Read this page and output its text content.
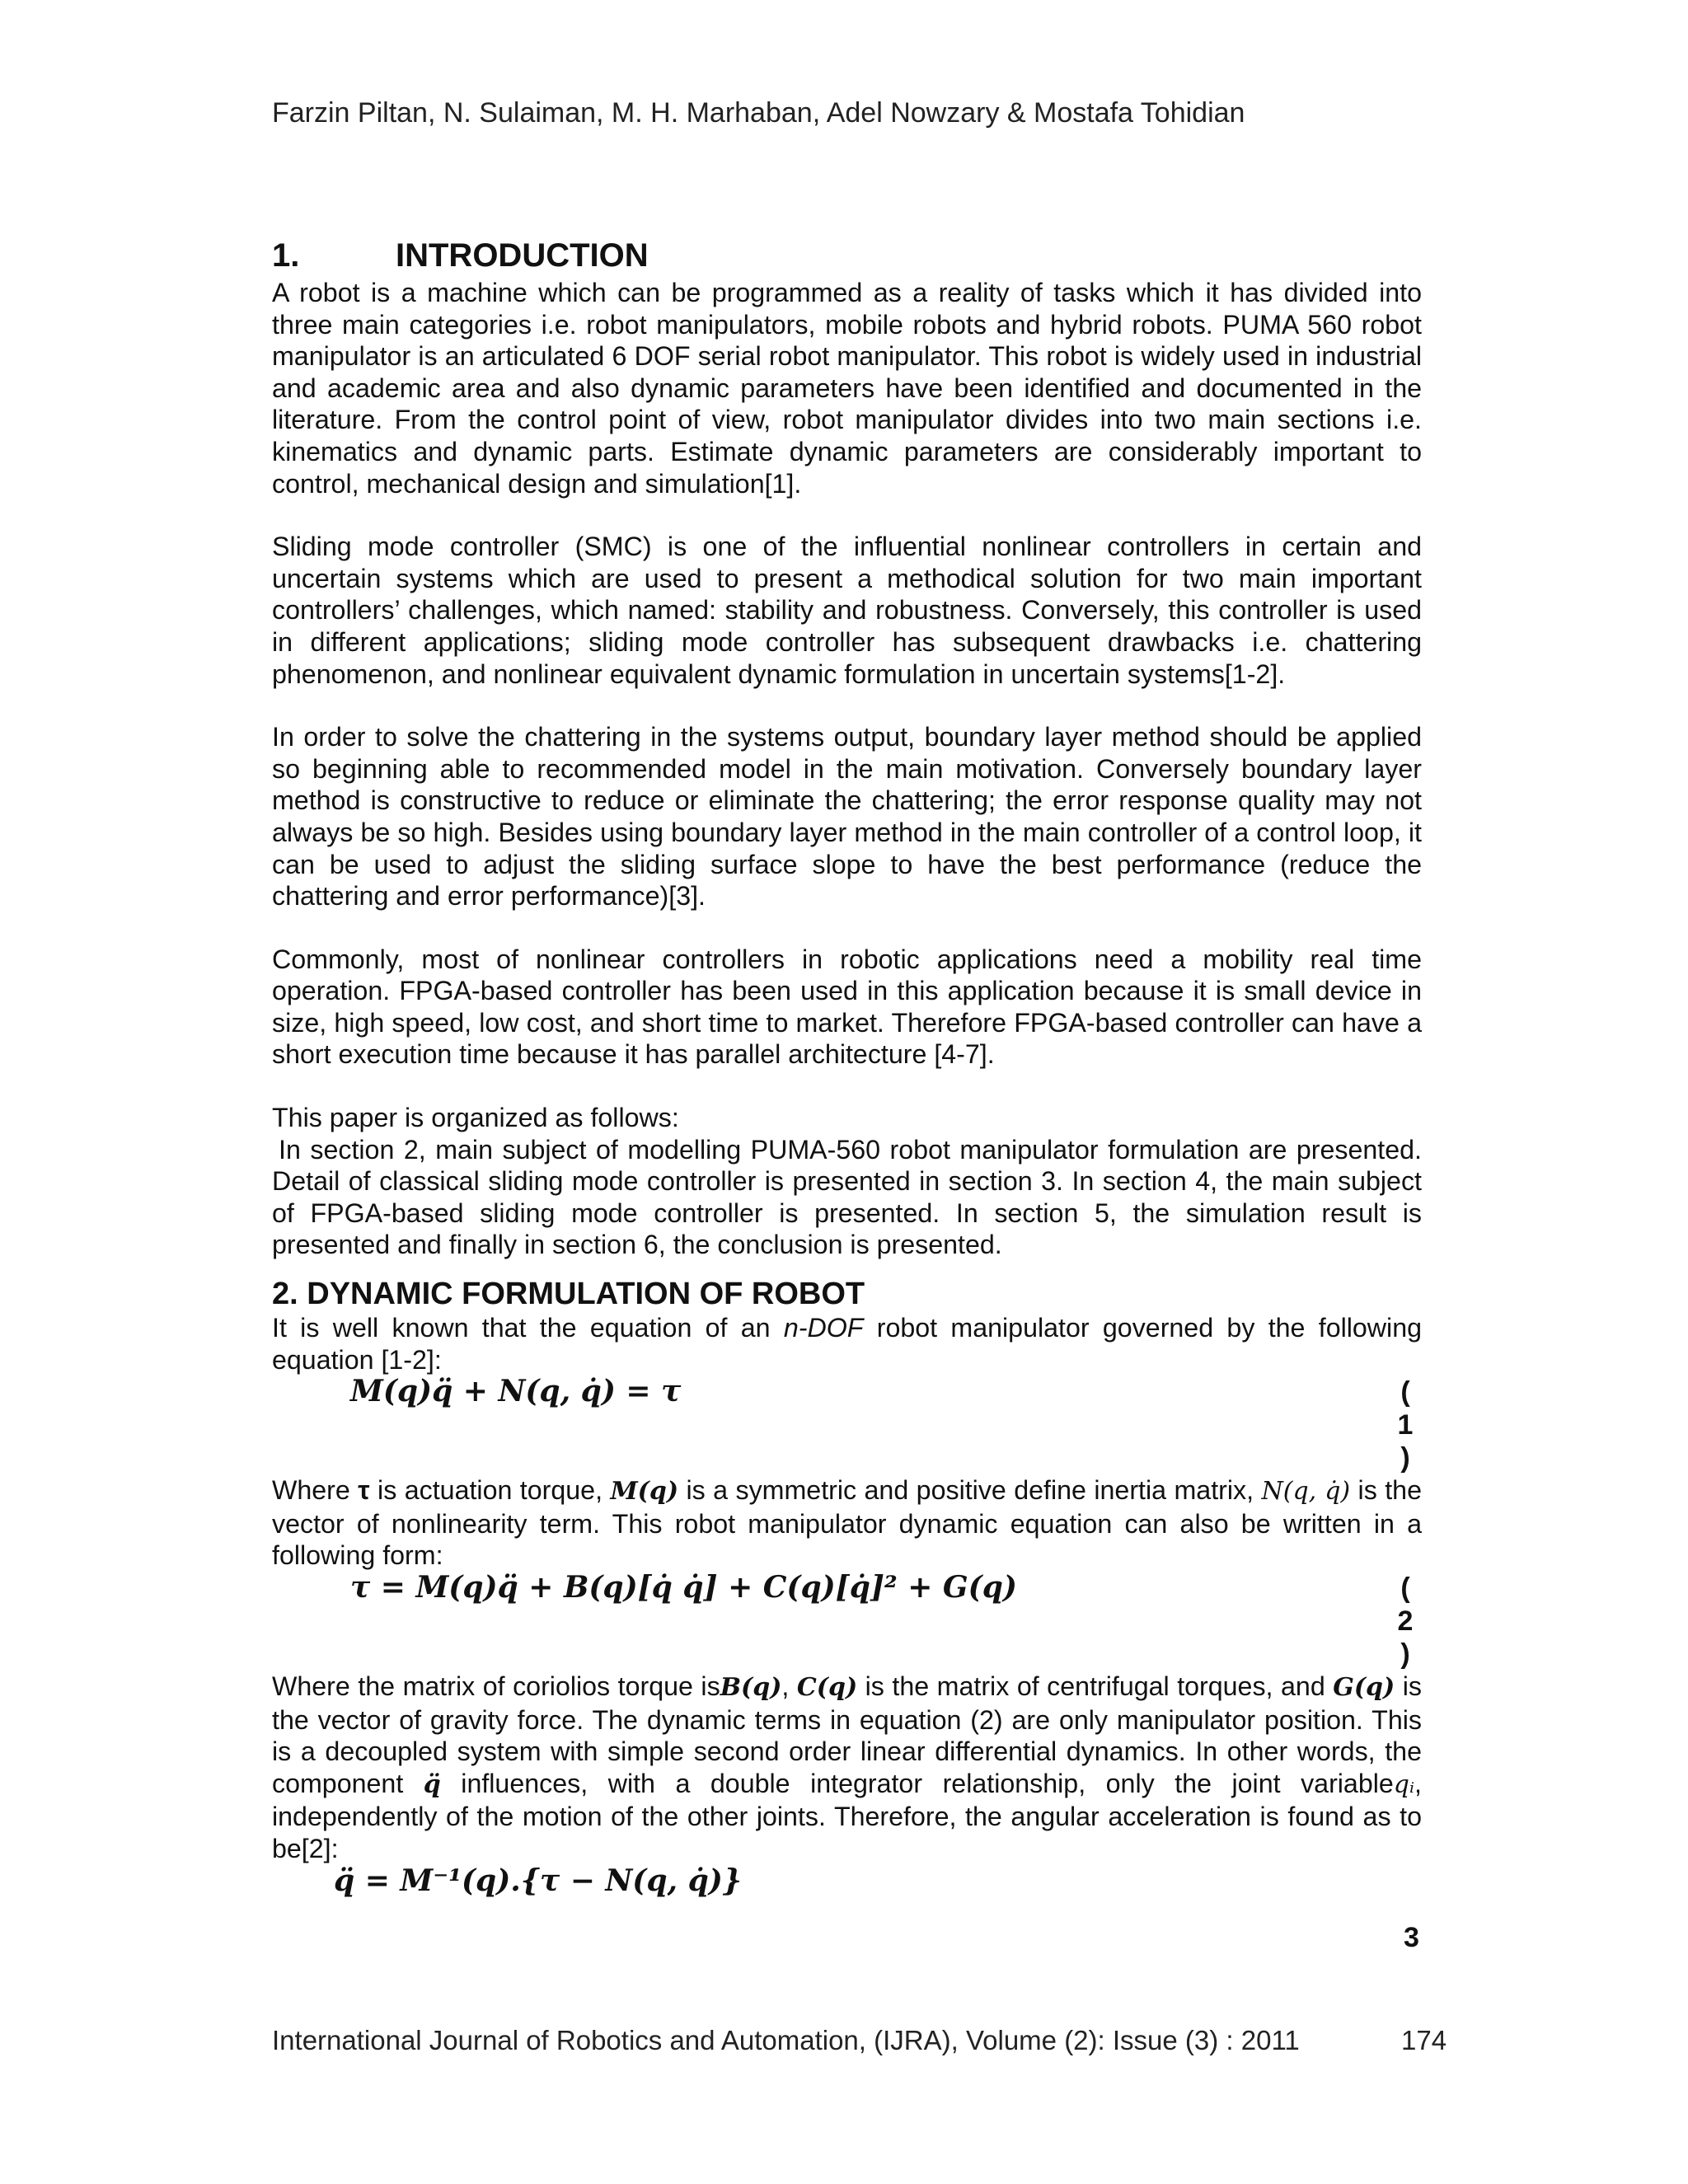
Farzin Piltan, N. Sulaiman, M. H. Marhaban, Adel Nowzary & Mostafa Tohidian
1.	INTRODUCTION

A robot is a machine which can be programmed as a reality of tasks which it has divided into three main categories i.e. robot manipulators, mobile robots and hybrid robots. PUMA 560 robot manipulator is an articulated 6 DOF serial robot manipulator. This robot is widely used in industrial and academic area and also dynamic parameters have been identified and documented in the literature. From the control point of view, robot manipulator divides into two main sections i.e. kinematics and dynamic parts. Estimate dynamic parameters are considerably important to control, mechanical design and simulation[1].

Sliding mode controller (SMC) is one of the influential nonlinear controllers in certain and uncertain systems which are used to present a methodical solution for two main important controllers’ challenges, which named: stability and robustness. Conversely, this controller is used in different applications; sliding mode controller has subsequent drawbacks i.e. chattering phenomenon, and nonlinear equivalent dynamic formulation in uncertain systems[1-2].

In order to solve the chattering in the systems output, boundary layer method should be applied so beginning able to recommended model in the main motivation. Conversely boundary layer method is constructive to reduce or eliminate the chattering; the error response quality may not always be so high. Besides using boundary layer method in the main controller of a control loop, it can be used to adjust the sliding surface slope to have the best performance (reduce the chattering and error performance)[3].

Commonly, most of nonlinear controllers in robotic applications need a mobility real time operation. FPGA-based controller has been used in this application because it is small device in size, high speed, low cost, and short time to market. Therefore FPGA-based controller can have a short execution time because it has parallel architecture [4-7].

This paper is organized as follows:

In section 2, main subject of modelling PUMA-560 robot manipulator formulation are presented. Detail of classical sliding mode controller is presented in section 3. In section 4, the main subject of FPGA-based sliding mode controller is presented. In section 5, the simulation result is presented and finally in section 6, the conclusion is presented.

2. DYNAMIC FORMULATION OF ROBOT

It is well known that the equation of an n-DOF robot manipulator governed by the following equation [1-2]:

M(q)q̈ + N(q, q̇) = τ	(
1
)

Where τ is actuation torque, M(q) is a symmetric and positive define inertia matrix, N(q, q̇) is the vector of nonlinearity term. This robot manipulator dynamic equation can also be written in a following form:

τ = M(q)q̈ + B(q)[q̇ q̇] + C(q)[q̇]² + G(q)	(
2
)

Where the matrix of coriolios torque isB(q), C(q) is the matrix of centrifugal torques, and G(q) is the vector of gravity force. The dynamic terms in equation (2) are only manipulator position. This is a decoupled system with simple second order linear differential dynamics. In other words, the component q̈ influences, with a double integrator relationship, only the joint variableqᵢ, independently of the motion of the other joints. Therefore, the angular acceleration is found as to be[2]:

q̈ = M⁻¹(q).{τ − N(q, q̇)}
3
International Journal of Robotics and Automation, (IJRA), Volume (2): Issue (3) : 2011	174
